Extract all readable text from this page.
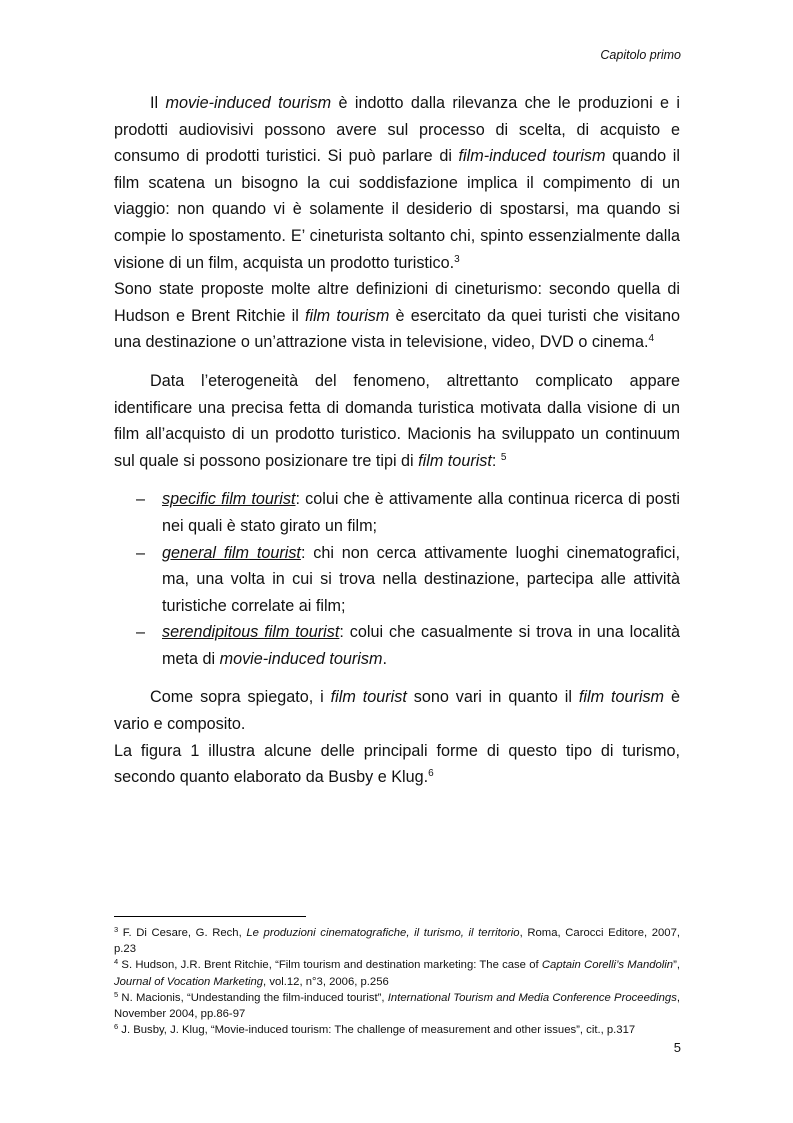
Capitolo primo

Il movie-induced tourism è indotto dalla rilevanza che le produzioni e i prodotti audiovisivi possono avere sul processo di scelta, di acquisto e consumo di prodotti turistici. Si può parlare di film-induced tourism quando il film scatena un bisogno la cui soddisfazione implica il compimento di un viaggio: non quando vi è solamente il desiderio di spostarsi, ma quando si compie lo spostamento. E’ cineturista soltanto chi, spinto essenzialmente dalla visione di un film, acquista un prodotto turistico.$^3$

Sono state proposte molte altre definizioni di cineturismo: secondo quella di Hudson e Brent Ritchie il film tourism è esercitato da quei turisti che visitano una destinazione o un’attrazione vista in televisione, video, DVD o cinema.$^4$

Data l’eterogeneità del fenomeno, altrettanto complicato appare identificare una precisa fetta di domanda turistica motivata dalla visione di un film all’acquisto di un prodotto turistico. Macionis ha sviluppato un continuum sul quale si possono posizionare tre tipi di film tourist: $^5$

– specific film tourist: colui che è attivamente alla continua ricerca di posti nei quali è stato girato un film;
– general film tourist: chi non cerca attivamente luoghi cinematografici, ma, una volta in cui si trova nella destinazione, partecipa alle attività turistiche correlate ai film;
– serendipitous film tourist: colui che casualmente si trova in una località meta di movie-induced tourism.

Come sopra spiegato, i film tourist sono vari in quanto il film tourism è vario e composito.

La figura 1 illustra alcune delle principali forme di questo tipo di turismo, secondo quanto elaborato da Busby e Klug.$^6$

$^3$ F. Di Cesare, G. Rech, Le produzioni cinematografiche, il turismo, il territorio, Roma, Carocci Editore, 2007, p.23

$^4$ S. Hudson, J.R. Brent Ritchie, “Film tourism and destination marketing: The case of Captain Corelli’s Mandolin”, Journal of Vocation Marketing, vol.12, n°3, 2006, p.256

$^5$ N. Macionis, “Undestanding the film-induced tourist”, International Tourism and Media Conference Proceedings, November 2004, pp.86-97

$^6$ J. Busby, J. Klug, “Movie-induced tourism: The challenge of measurement and other issues”, cit., p.317

5
